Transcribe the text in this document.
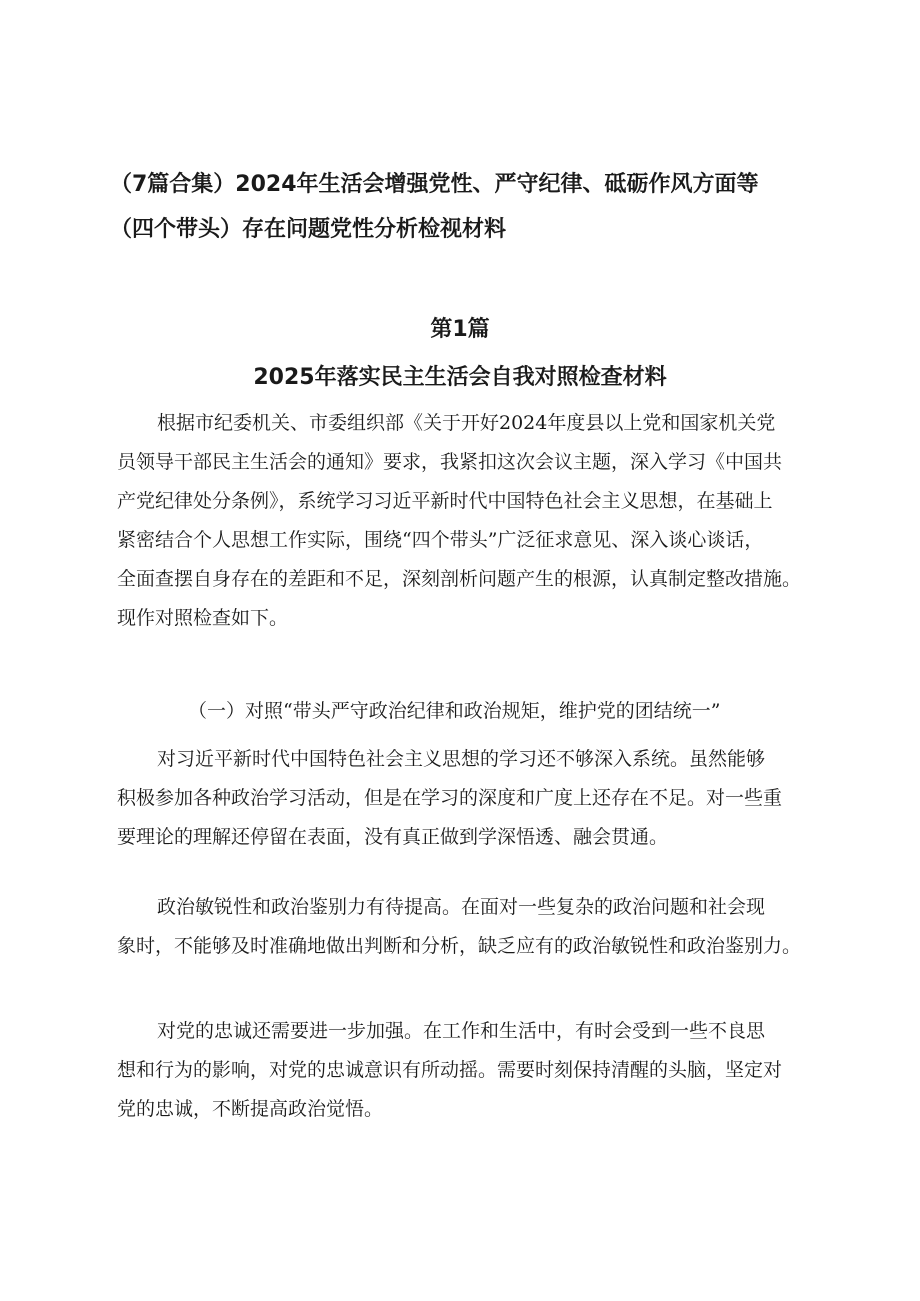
（7篇合集）2024年生活会增强党性、严守纪律、砥砺作风方面等
（四个带头）存在问题党性分析检视材料
第1篇
2025年落实民主生活会自我对照检查材料
根据市纪委机关、市委组织部《关于开好2024年度县以上党和国家机关党
员领导干部民主生活会的通知》要求，我紧扣这次会议主题，深入学习《中国共
产党纪律处分条例》，系统学习习近平新时代中国特色社会主义思想，在基础上
紧密结合个人思想工作实际，围绕“四个带头”广泛征求意见、深入谈心谈话，
全面查摆自身存在的差距和不足，深刻剖析问题产生的根源，认真制定整改措施。
现作对照检查如下。
（一）对照“带头严守政治纪律和政治规矩，维护党的团结统一”
对习近平新时代中国特色社会主义思想的学习还不够深入系统。虽然能够
积极参加各种政治学习活动，但是在学习的深度和广度上还存在不足。对一些重
要理论的理解还停留在表面，没有真正做到学深悟透、融会贯通。
政治敏锐性和政治鉴别力有待提高。在面对一些复杂的政治问题和社会现
象时，不能够及时准确地做出判断和分析，缺乏应有的政治敏锐性和政治鉴别力。
对党的忠诚还需要进一步加强。在工作和生活中，有时会受到一些不良思
想和行为的影响，对党的忠诚意识有所动摇。需要时刻保持清醒的头脑，坚定对
党的忠诚，不断提高政治觉悟。
